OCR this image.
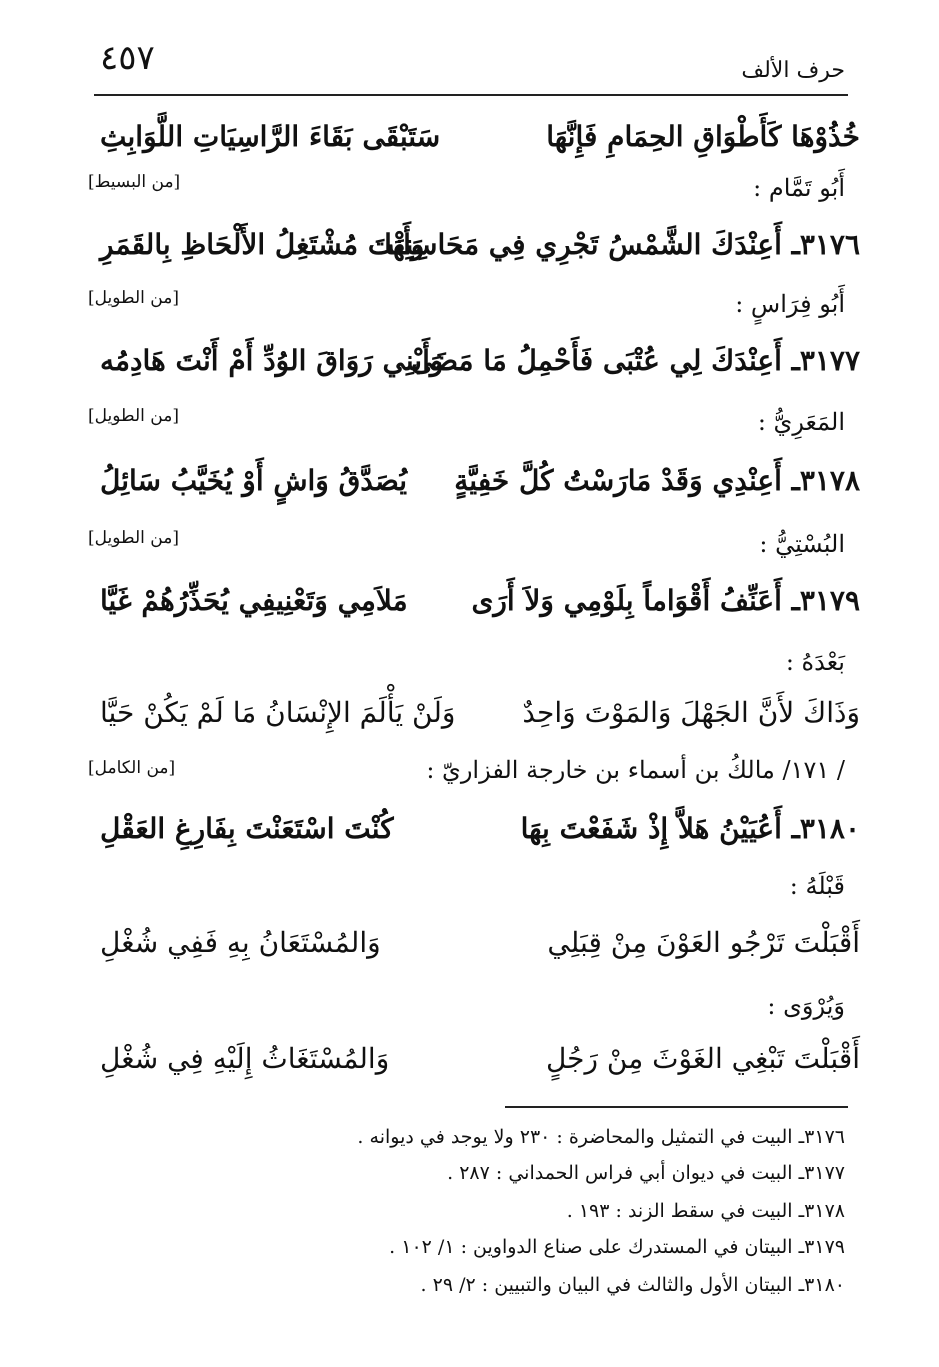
٤٥٧	حرف الألف
خُذُوْهَا كَأَطْوَاقِ الحِمَامِ فَإِنَّهَا
سَتَبْقَى بَقَاءَ الرَّاسِيَاتِ اللَّوَابِثِ
أَبُو تَمَّام :
[من البسيط]
٣١٧٦ـ أَعِنْدَكَ الشَّمْسُ تَجْرِي فِي مَحَاسِنِهَا
وَأَنْتَ مُشْتَغِلُ الأَلْحَاظِ بِالقَمَرِ
أَبُو فِرَاسٍ :
[من الطويل]
٣١٧٧ـ أَعِنْدَكَ لِي عُتْبَى فَأَحْمِلُ مَا مَضَى
وَأَبْنِي رَوَاقَ الوُدِّ أَمْ أَنْتَ هَادِمُه
المَعَرِيُّ :
[من الطويل]
٣١٧٨ـ أَعِنْدِي وَقَدْ مَارَسْتُ كُلَّ خَفِيَّةٍ
يُصَدَّقُ وَاشٍ أَوْ يُخَيَّبُ سَائِلُ
البُسْتِيُّ :
[من الطويل]
٣١٧٩ـ أَعَنِّفُ أَقْوَاماً بِلَوْمِي وَلاَ أَرَى
مَلاَمِي وَتَعْنِيفِي يُحَذِّرُهُمْ غَيَّا
بَعْدَهُ :
وَذَاكَ لأَنَّ الجَهْلَ وَالمَوْتَ وَاحِدٌ
وَلَنْ يَأْلَمَ الإِنْسَانُ مَا لَمْ يَكُنْ حَيَّا
/ ١٧١/ مالكُ بن أسماء بن خارجة الفزاريّ :
[من الكامل]
٣١٨٠ـ أَعُيَيْنُ هَلاَّ إِذْ شَفَعْتَ بِهَا
كُنْتَ اسْتَعَنْتَ بِفَارِغِ العَقْلِ
قَبْلَهُ :
أَقْبَلْتَ تَرْجُو العَوْنَ مِنْ قِبَلِي
وَالمُسْتَعَانُ بِهِ فَفِي شُغْلِ
وَيُرْوَى :
أَقْبَلْتَ تَبْغِي الغَوْثَ مِنْ رَجُلٍ
وَالمُسْتَغَاثُ إِلَيْهِ فِي شُغْلِ
٣١٧٦ـ البيت في التمثيل والمحاضرة : ٢٣٠ ولا يوجد في ديوانه .
٣١٧٧ـ البيت في ديوان أبي فراس الحمداني : ٢٨٧ .
٣١٧٨ـ البيت في سقط الزند : ١٩٣ .
٣١٧٩ـ البيتان في المستدرك على صناع الدواوين : ١/ ١٠٢ .
٣١٨٠ـ البيتان الأول والثالث في البيان والتبيين : ٢/ ٢٩ .
